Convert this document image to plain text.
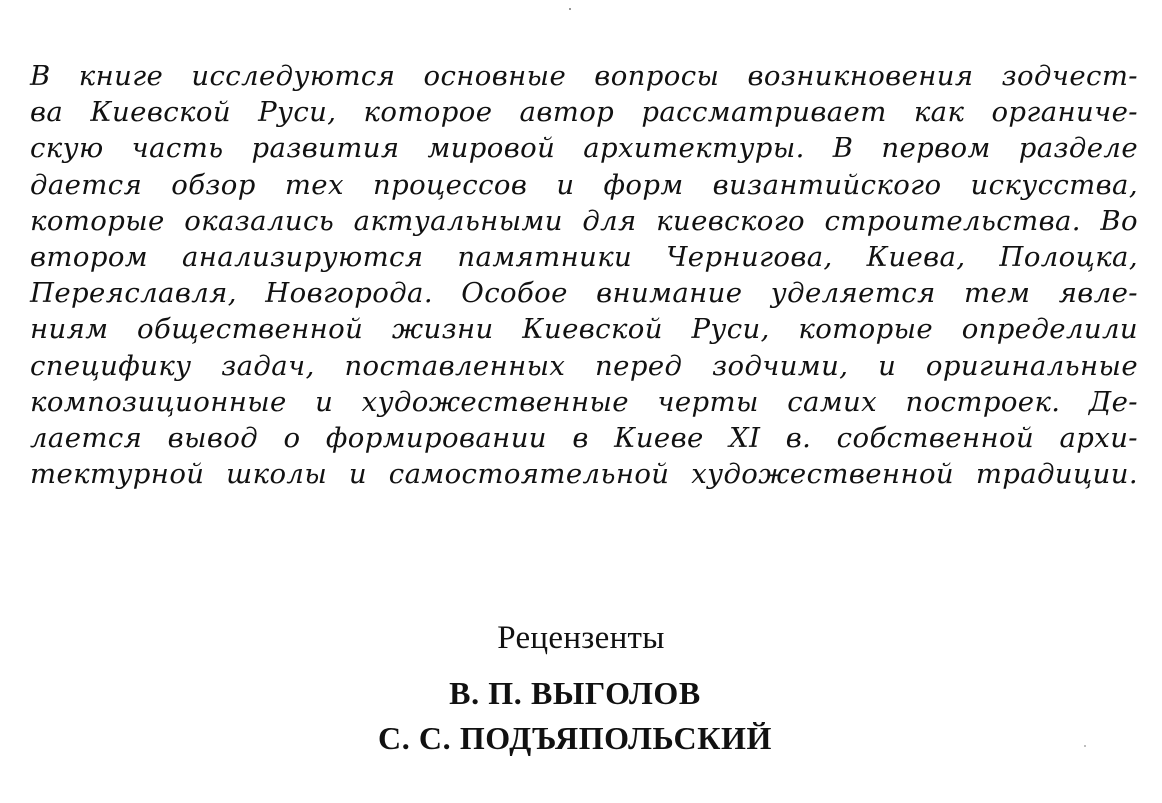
В книге исследуются основные вопросы возникновения зодчест-
ва Киевской Руси, которое автор рассматривает как органиче-
скую часть развития мировой архитектуры. В первом разделе
дается обзор тех процессов и форм византийского искусства,
которые оказались актуальными для киевского строительства. Во
втором анализируются памятники Чернигова, Киева, Полоцка,
Переяславля, Новгорода. Особое внимание уделяется тем явле-
ниям общественной жизни Киевской Руси, которые определили
специфику задач, поставленных перед зодчими, и оригинальные
композиционные и художественные черты самих построек. Де-
лается вывод о формировании в Киеве XI в. собственной архи-
тектурной школы и самостоятельной художественной традиции.

Рецензенты
В. П. ВЫГОЛОВ
С. С. ПОДЪЯПОЛЬСКИЙ
